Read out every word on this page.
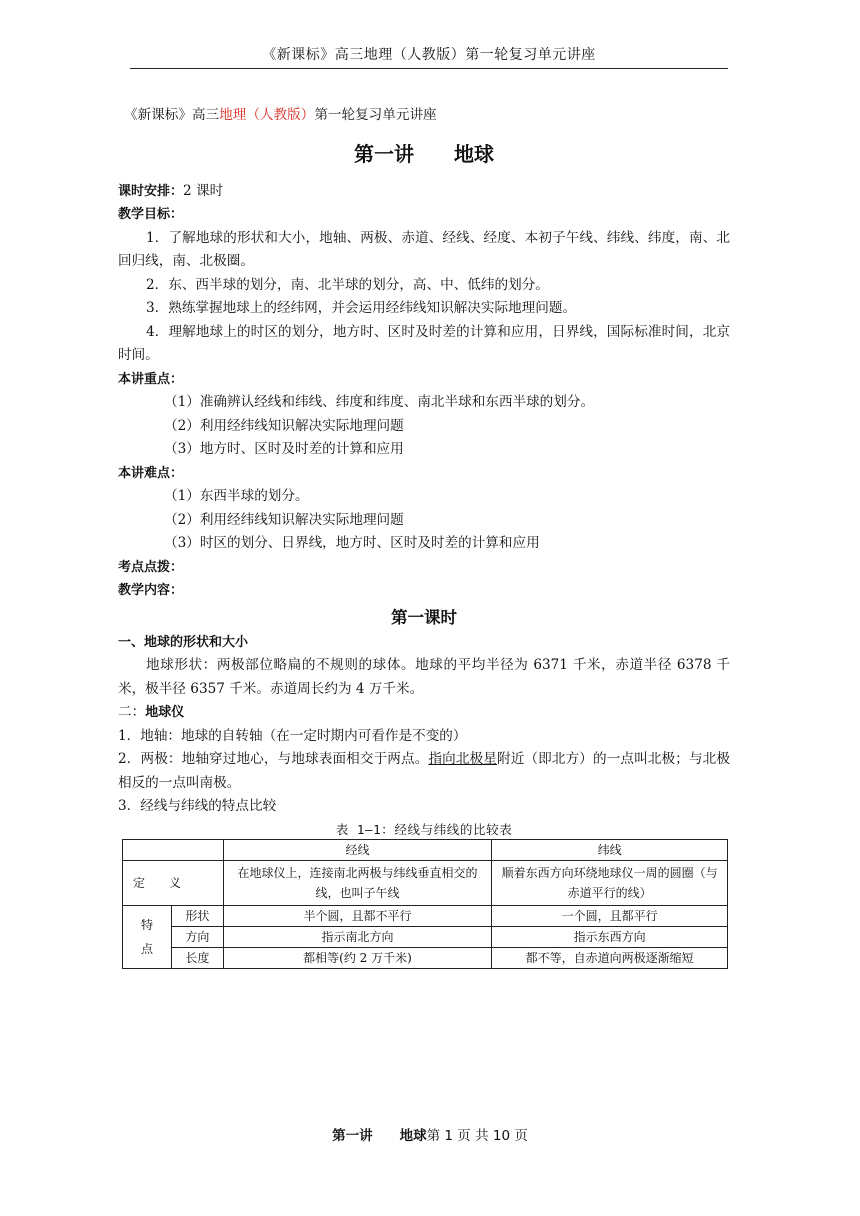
《新课标》高三地理（人教版）第一轮复习单元讲座

《新课标》高三地理（人教版）第一轮复习单元讲座

第一讲　　地球

课时安排：2 课时

教学目标：

1．了解地球的形状和大小，地轴、两极、赤道、经线、经度、本初子午线、纬线、纬度，南、北回归线，南、北极圈。

2．东、西半球的划分，南、北半球的划分，高、中、低纬的划分。

3．熟练掌握地球上的经纬网，并会运用经纬线知识解决实际地理问题。

4．理解地球上的时区的划分，地方时、区时及时差的计算和应用，日界线，国际标准时间，北京时间。

本讲重点：

（1）准确辨认经线和纬线、纬度和纬度、南北半球和东西半球的划分。

（2）利用经纬线知识解决实际地理问题

（3）地方时、区时及时差的计算和应用

本讲难点：

（1）东西半球的划分。

（2）利用经纬线知识解决实际地理问题

（3）时区的划分、日界线，地方时、区时及时差的计算和应用

考点点拨：

教学内容：

第一课时

一、地球的形状和大小

地球形状：两极部位略扁的不规则的球体。地球的平均半径为 6371 千米，赤道半径 6378 千米，极半径 6357 千米。赤道周长约为 4 万千米。

二：地球仪

1．地轴：地球的自转轴（在一定时期内可看作是不变的）

2．两极：地轴穿过地心，与地球表面相交于两点。指向北极星附近（即北方）的一点叫北极；与北极相反的一点叫南极。

3．经线与纬线的特点比较

表 1—1：经线与纬线的比较表

		经线	纬线
定　　义		在地球仪上，连接南北两极与纬线垂直相交的线，也叫子午线	顺着东西方向环绕地球仪一周的圆圈（与赤道平行的线）
特点	形状	半个圆，且都不平行	一个圆，且都平行
	方向	指示南北方向	指示东西方向
	长度	都相等(约 2 万千米)	都不等，自赤道向两极逐渐缩短
第一讲　　地球第 1 页 共 10 页
